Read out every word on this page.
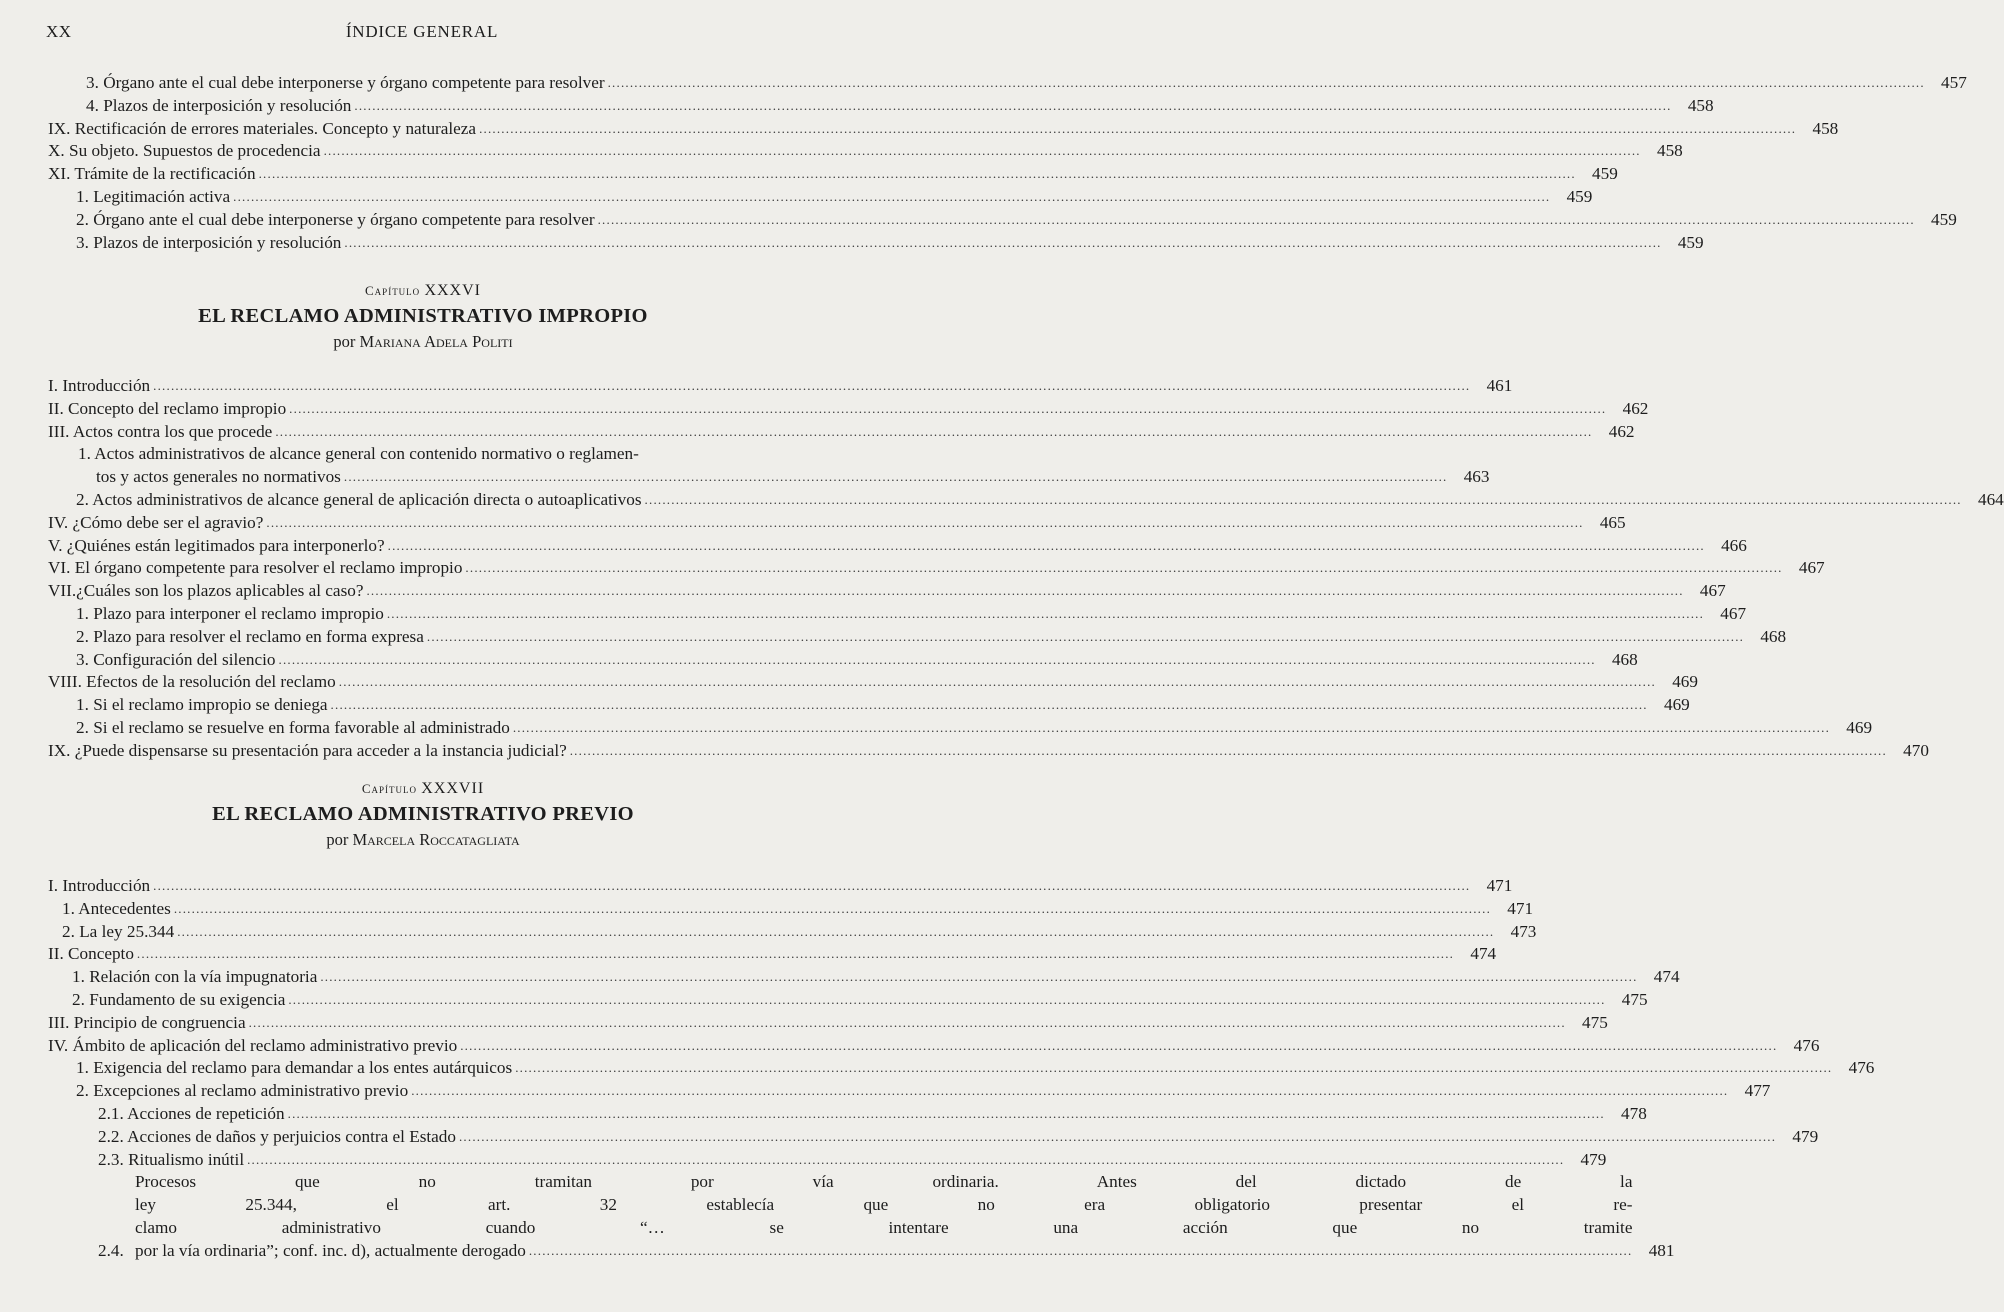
XX	ÍNDICE GENERAL
3. Órgano ante el cual debe interponerse y órgano competente para resolver .....	457
4. Plazos de interposición y resolución .....	458
IX. Rectificación de errores materiales. Concepto y naturaleza .....	458
X. Su objeto. Supuestos de procedencia .....	458
XI. Trámite de la rectificación .....	459
1. Legitimación activa .....	459
2. Órgano ante el cual debe interponerse y órgano competente para resolver .....	459
3. Plazos de interposición y resolución .....	459
Capítulo XXXVI
EL RECLAMO ADMINISTRATIVO IMPROPIO
por Mariana Adela Politi
I. Introducción .....	461
II. Concepto del reclamo impropio .....	462
III. Actos contra los que procede .....	462
1. Actos administrativos de alcance general con contenido normativo o reglamen-
tos y actos generales no normativos .....	463
2. Actos administrativos de alcance general de aplicación directa o autoaplicativos .....	464
IV. ¿Cómo debe ser el agravio? .....	465
V. ¿Quiénes están legitimados para interponerlo? .....	466
VI. El órgano competente para resolver el reclamo impropio .....	467
VII.¿Cuáles son los plazos aplicables al caso? .....	467
1. Plazo para interponer el reclamo impropio .....	467
2. Plazo para resolver el reclamo en forma expresa .....	468
3. Configuración del silencio .....	468
VIII. Efectos de la resolución del reclamo .....	469
1. Si el reclamo impropio se deniega .....	469
2. Si el reclamo se resuelve en forma favorable al administrado .....	469
IX. ¿Puede dispensarse su presentación para acceder a la instancia judicial? .....	470
Capítulo XXXVII
EL RECLAMO ADMINISTRATIVO PREVIO
por Marcela Roccatagliata
I. Introducción .....	471
1. Antecedentes .....	471
2. La ley 25.344 .....	473
II. Concepto .....	474
1. Relación con la vía impugnatoria .....	474
2. Fundamento de su exigencia .....	475
III. Principio de congruencia .....	475
IV. Ámbito de aplicación del reclamo administrativo previo .....	476
1. Exigencia del reclamo para demandar a los entes autárquicos .....	476
2. Excepciones al reclamo administrativo previo .....	477
2.1. Acciones de repetición .....	478
2.2. Acciones de daños y perjuicios contra el Estado .....	479
2.3. Ritualismo inútil .....	479
2.4.
Procesos que no tramitan por vía ordinaria. Antes del dictado de la
ley 25.344, el art. 32 establecía que no era obligatorio presentar el re-
clamo administrativo cuando “… se intentare una acción que no tramite
por la vía ordinaria”; conf. inc. d), actualmente derogado .....	481
